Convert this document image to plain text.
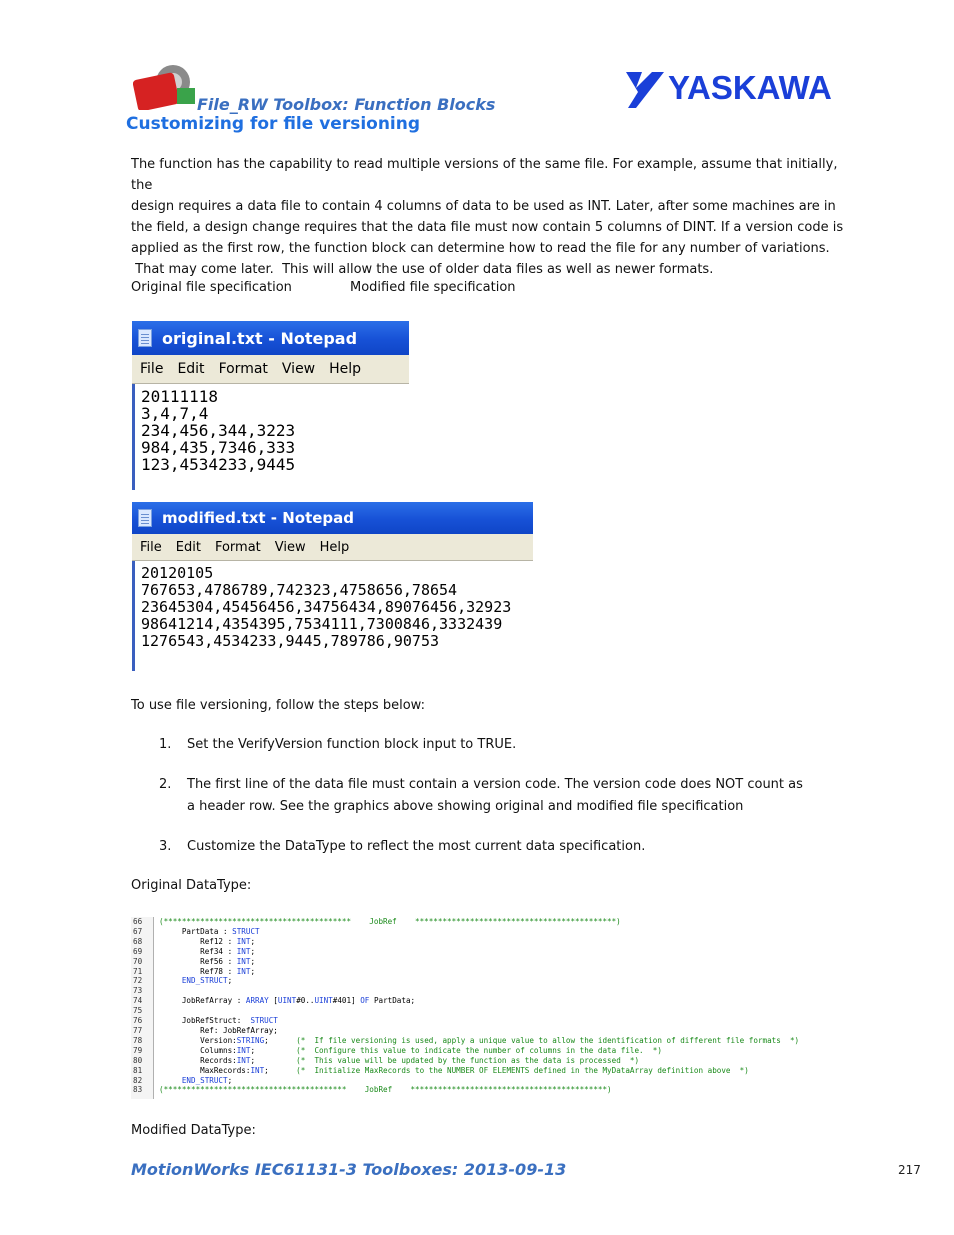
File_RW Toolbox: Function Blocks
Customizing for file versioning
YASKAWA

The function has the capability to read multiple versions of the same file. For example, assume that initially, the

design requires a data file to contain 4 columns of data to be used as INT. Later, after some machines are in

the field, a design change requires that the data file must now contain 5 columns of DINT. If a version code is

applied as the first row, the function block can determine how to read the file for any number of variations.

That may come later.  This will allow the use of older data files as well as newer formats.

Original file specification	Modified file specification
original.txt - Notepad
File Edit Format View Help
20111118
3,4,7,4
234,456,344,3223
984,435,7346,333
123,4534233,9445
modified.txt - Notepad
File Edit Format View Help
20120105
767653,4786789,742323,4758656,78654
23645304,45456456,34756434,89076456,32923
98641214,4354395,7534111,7300846,3332439
1276543,4534233,9445,789786,90753
To use file versioning, follow the steps below:
1. Set the VerifyVersion function block input to TRUE.
2. The first line of the data file must contain a version code. The version code does NOT count as a header row. See the graphics above showing original and modified file specification
3. Customize the DataType to reflect the most current data specification.
Original DataType:
66
67
68
69
70
71
72
73
74
75
76
77
78
79
80
81
82
83
(*****************************************    JobRef    ********************************************)
PartData : STRUCT
Ref12 : INT;
Ref34 : INT;
Ref56 : INT;
Ref78 : INT;
END_STRUCT;

JobRefArray : ARRAY [UINT#0..UINT#401] OF PartData;

JobRefStruct:  STRUCT
Ref: JobRefArray;
Version:STRING;      (*  If file versioning is used, apply a unique value to allow the identification of different file formats  *)
Columns:INT;         (*  Configure this value to indicate the number of columns in the data file.  *)
Records:INT;         (*  This value will be updated by the function as the data is processed  *)
MaxRecords:INT;      (*  Initialize MaxRecords to the NUMBER OF ELEMENTS defined in the MyDataArray definition above  *)
END_STRUCT;
(****************************************    JobRef    *******************************************)
Modified DataType:
MotionWorks IEC61131-3 Toolboxes: 2013-09-13	217
